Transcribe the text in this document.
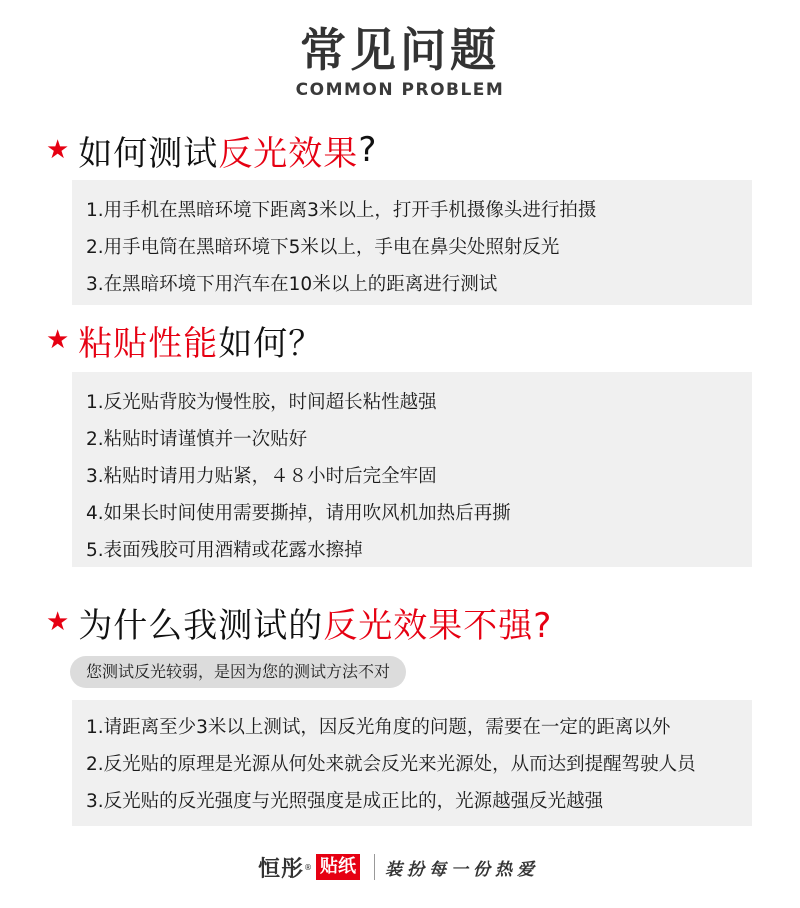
常见问题
COMMON PROBLEM
★ 如何测试 反光效果 ?
1.用手机在黑暗环境下距离3米以上，打开手机摄像头进行拍摄
2.用手电筒在黑暗环境下5米以上，手电在鼻尖处照射反光
3.在黑暗环境下用汽车在10米以上的距离进行测试
★ 粘贴性能 如何？
1.反光贴背胶为慢性胶，时间超长粘性越强
2.粘贴时请谨慎并一次贴好
3.粘贴时请用力贴紧，４８小时后完全牢固
4.如果长时间使用需要撕掉，请用吹风机加热后再撕
5.表面残胶可用酒精或花露水擦掉
★ 为什么我测试的 反光效果不强?
您测试反光较弱，是因为您的测试方法不对
1.请距离至少3米以上测试，因反光角度的问题，需要在一定的距离以外
2.反光贴的原理是光源从何处来就会反光来光源处，从而达到提醒驾驶人员
3.反光贴的反光强度与光照强度是成正比的，光源越强反光越强
恒彤 ® 贴纸 装扮每一份热爱
